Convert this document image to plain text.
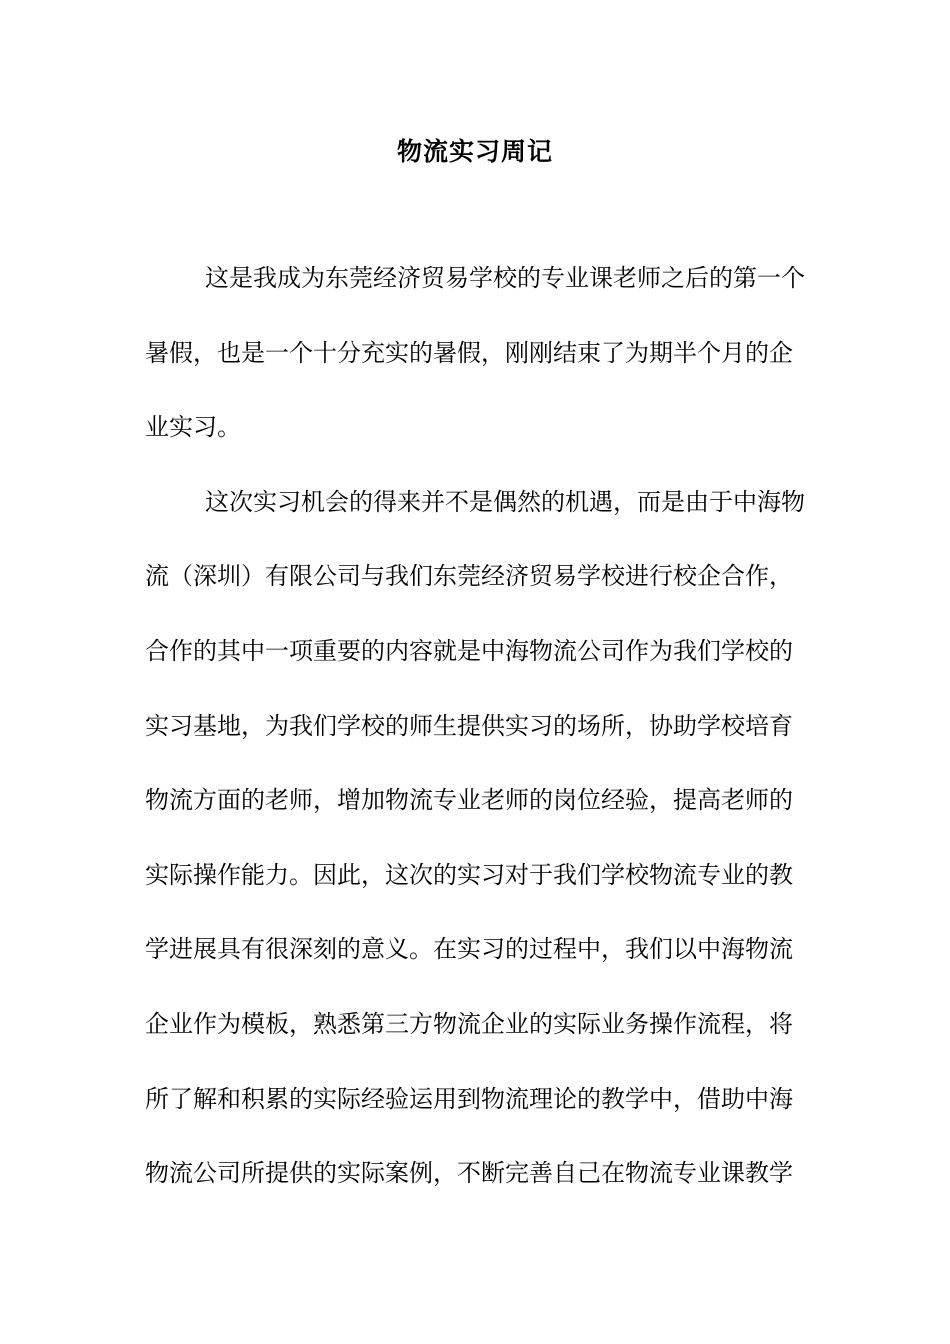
物流实习周记
这是我成为东莞经济贸易学校的专业课老师之后的第一个
暑假，也是一个十分充实的暑假，刚刚结束了为期半个月的企
业实习。
这次实习机会的得来并不是偶然的机遇，而是由于中海物
流（深圳）有限公司与我们东莞经济贸易学校进行校企合作，
合作的其中一项重要的内容就是中海物流公司作为我们学校的
实习基地，为我们学校的师生提供实习的场所，协助学校培育
物流方面的老师，增加物流专业老师的岗位经验，提高老师的
实际操作能力。因此，这次的实习对于我们学校物流专业的教
学进展具有很深刻的意义。在实习的过程中，我们以中海物流
企业作为模板，熟悉第三方物流企业的实际业务操作流程，将
所了解和积累的实际经验运用到物流理论的教学中，借助中海
物流公司所提供的实际案例，不断完善自己在物流专业课教学
